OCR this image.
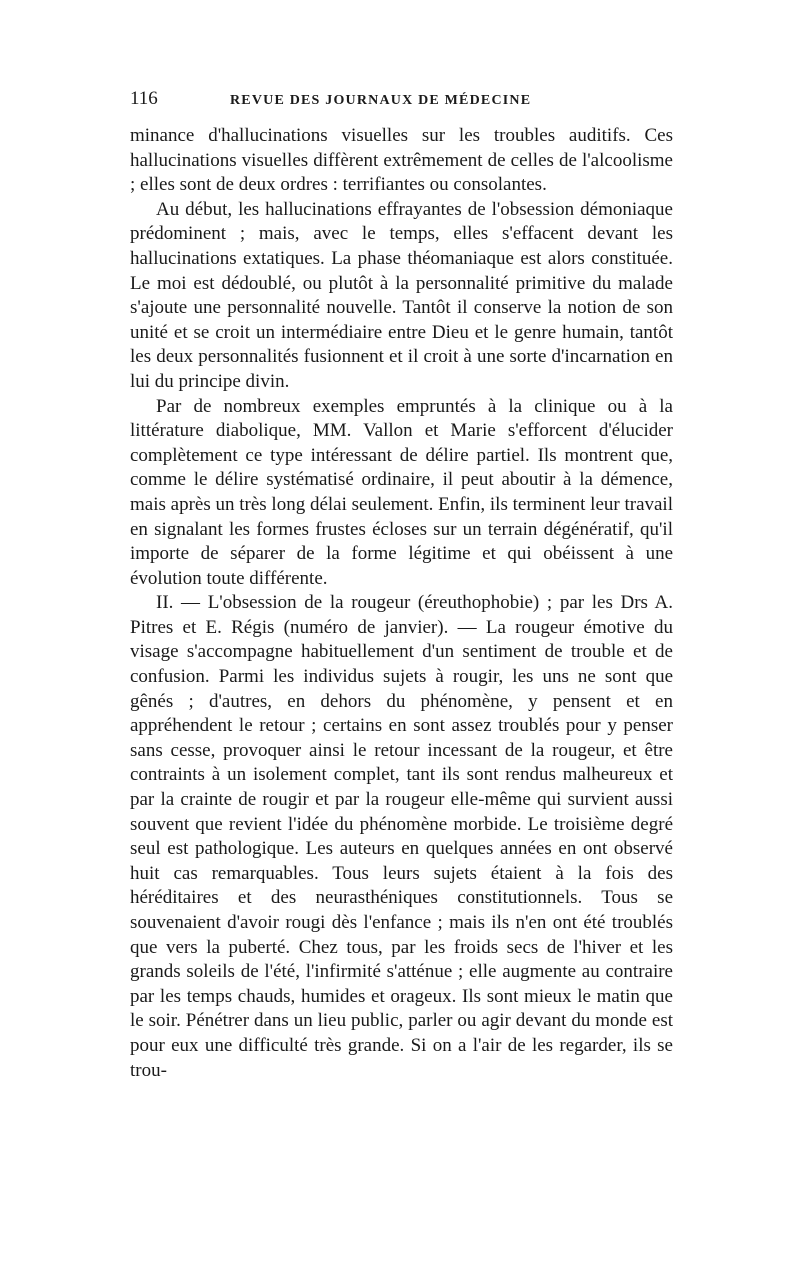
116	REVUE DES JOURNAUX DE MÉDECINE

minance d'hallucinations visuelles sur les troubles auditifs. Ces hallucinations visuelles diffèrent extrêmement de celles de l'alcoolisme ; elles sont de deux ordres : terrifiantes ou consolantes.

Au début, les hallucinations effrayantes de l'obsession démoniaque prédominent ; mais, avec le temps, elles s'effacent devant les hallucinations extatiques. La phase théomaniaque est alors constituée. Le moi est dédoublé, ou plutôt à la personnalité primitive du malade s'ajoute une personnalité nouvelle. Tantôt il conserve la notion de son unité et se croit un intermédiaire entre Dieu et le genre humain, tantôt les deux personnalités fusionnent et il croit à une sorte d'incarnation en lui du principe divin.

Par de nombreux exemples empruntés à la clinique ou à la littérature diabolique, MM. Vallon et Marie s'efforcent d'élucider complètement ce type intéressant de délire partiel. Ils montrent que, comme le délire systématisé ordinaire, il peut aboutir à la démence, mais après un très long délai seulement. Enfin, ils terminent leur travail en signalant les formes frustes écloses sur un terrain dégénératif, qu'il importe de séparer de la forme légitime et qui obéissent à une évolution toute différente.

II. — L'obsession de la rougeur (éreuthophobie) ; par les Drs A. Pitres et E. Régis (numéro de janvier). — La rougeur émotive du visage s'accompagne habituellement d'un sentiment de trouble et de confusion. Parmi les individus sujets à rougir, les uns ne sont que gênés ; d'autres, en dehors du phénomène, y pensent et en appréhendent le retour ; certains en sont assez troublés pour y penser sans cesse, provoquer ainsi le retour incessant de la rougeur, et être contraints à un isolement complet, tant ils sont rendus malheureux et par la crainte de rougir et par la rougeur elle-même qui survient aussi souvent que revient l'idée du phénomène morbide. Le troisième degré seul est pathologique. Les auteurs en quelques années en ont observé huit cas remarquables. Tous leurs sujets étaient à la fois des héréditaires et des neurasthéniques constitutionnels. Tous se souvenaient d'avoir rougi dès l'enfance ; mais ils n'en ont été troublés que vers la puberté. Chez tous, par les froids secs de l'hiver et les grands soleils de l'été, l'infirmité s'atténue ; elle augmente au contraire par les temps chauds, humides et orageux. Ils sont mieux le matin que le soir. Pénétrer dans un lieu public, parler ou agir devant du monde est pour eux une difficulté très grande. Si on a l'air de les regarder, ils se trou-
